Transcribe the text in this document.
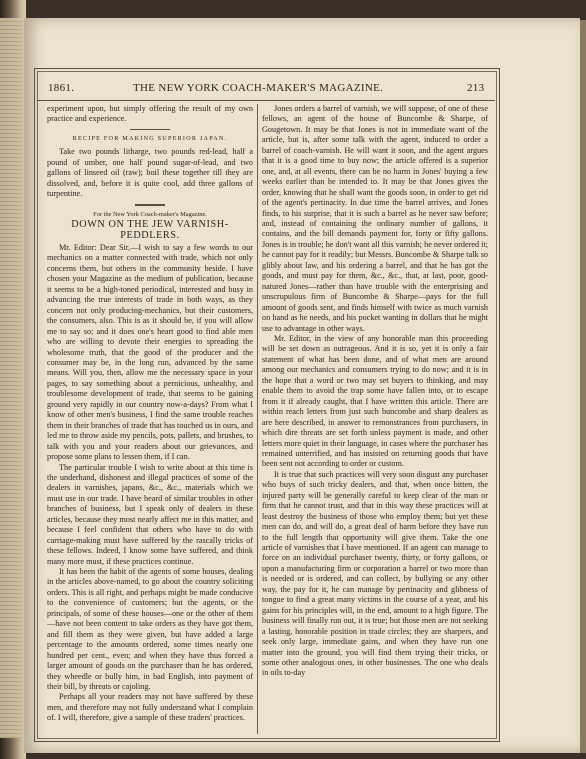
1861.	THE NEW YORK COACH-MAKER'S MAGAZINE.	213

experiment upon, but simply offering the result of my own practice and experience.

RECIPE FOR MAKING SUPERIOR JAPAN.

Take two pounds litharge, two pounds red-lead, half a pound of umber, one half pound sugar-of-lead, and two gallons of linseed oil (raw); boil these together till they are dissolved, and, before it is quite cool, add three gallons of turpentine.

For the New York Coach-maker's Magazine.

DOWN ON THE JEW VARNISH-PEDDLERS.

Mr. Editor: Dear Sir,—I wish to say a few words to our mechanics on a matter connected with trade, which not only concerns them, but others in the community beside. I have chosen your Magazine as the medium of publication, because it seems to be a high-toned periodical, interested and busy in advancing the true interests of trade in both ways, as they concern not only producing-mechanics, but their customers, the consumers, also. This is as it should be, if you will allow me to say so; and it does one's heart good to find able men who are willing to devote their energies to spreading the wholesome truth, that the good of the producer and the consumer may be, in the long run, advanced by the same means. Will you, then, allow me the necessary space in your pages, to say something about a pernicious, unhealthy, and troublesome development of trade, that seems to be gaining ground very rapidly in our country now-a-days? From what I know of other men's business, I find the same trouble reaches them in their branches of trade that has touched us in ours, and led me to throw aside my pencils, pots, pallets, and brushes, to talk with you and your readers about our grievances, and propose some plans to lessen them, if I can.

The particular trouble I wish to write about at this time is the underhand, dishonest and illegal practices of some of the dealers in varnishes, japans, &c., &c., materials which we must use in our trade. I have heard of similar troubles in other branches of business, but I speak only of dealers in these articles, because they most nearly affect me in this matter, and because I feel confident that others who have to do with carriage-making must have suffered by the rascally tricks of these fellows. Indeed, I know some have suffered, and think many more must, if these practices continue.

It has been the habit of the agents of some houses, dealing in the articles above-named, to go about the country soliciting orders. This is all right, and perhaps might be made conducive to the convenience of customers; but the agents, or the principals, of some of these houses—one or the other of them—have not been content to take orders as they have got them, and fill them as they were given, but have added a large percentage to the amounts ordered, some times nearly one hundred per cent., even; and when they have thus forced a larger amount of goods on the purchaser than he has ordered, they wheedle or bully him, in bad English, into payment of their bill, by threats or cajoling.

Perhaps all your readers may not have suffered by these men, and therefore may not fully understand what I complain of. I will, therefore, give a sample of these traders' practices.

Jones orders a barrel of varnish, we will suppose, of one of these fellows, an agent of the house of Buncombe & Sharpe, of Gougetown. It may be that Jones is not in immediate want of the article, but is, after some talk with the agent, induced to order a barrel of coach-varnish. He will want it soon, and the agent argues that it is a good time to buy now; the article offered is a superior one, and, at all events, there can be no harm in Jones' buying a few weeks earlier than he intended to. It may be that Jones gives the order, knowing that he shall want the goods soon, in order to get rid of the agent's pertinacity. In due time the barrel arrives, and Jones finds, to his surprise, that it is such a barrel as he never saw before; and, instead of containing the ordinary number of gallons, it contains, and the bill demands payment for, forty or fifty gallons. Jones is in trouble; he don't want all this varnish; he never ordered it; he cannot pay for it readily; but Messrs. Buncombe & Sharpe talk so glibly about law, and his ordering a barrel, and that he has got the goods, and must pay for them, &c., &c., that, at last, poor, good-natured Jones—rather than have trouble with the enterprising and unscrupulous firm of Buncombe & Sharpe—pays for the full amount of goods sent, and finds himself with twice as much varnish on hand as he needs, and his pocket wanting in dollars that he might use to advantage in other ways.

Mr. Editor, in the view of any honorable man this proceeding will be set down as outrageous. And it is so, yet it is only a fair statement of what has been done, and of what men are around among our mechanics and consumers trying to do now; and it is in the hope that a word or two may set buyers to thinking, and may enable them to avoid the trap some have fallen into, or to escape from it if already caught, that I have written this article. There are within reach letters from just such buncombe and sharp dealers as are here described, in answer to remonstrances from purchasers, in which dire threats are set forth unless payment is made, and other letters more quiet in their language, in cases where the purchaser has remained unterrified, and has insisted on returning goods that have been sent not according to order or custom.

It is true that such practices will very soon disgust any purchaser who buys of such tricky dealers, and that, when once bitten, the injured party will be generally careful to keep clear of the man or firm that he cannot trust, and that in this way these practices will at least destroy the business of those who employ them; but yet these men can do, and will do, a great deal of harm before they have run to the full length that opportunity will give them. Take the one article of varnishes that I have mentioned. If an agent can manage to force on an individual purchaser twenty, thirty, or forty gallons, or upon a manufacturing firm or corporation a barrel or two more than is needed or is ordered, and can collect, by bullying or any other way, the pay for it, he can manage by pertinacity and glibness of tongue to find a great many victims in the course of a year, and his gains for his principles will, in the end, amount to a high figure. The business will finally run out, it is true; but those men are not seeking a lasting, honorable position in trade circles; they are sharpers, and seek only large, immediate gains, and when they have run one matter into the ground, you will find them trying their tricks, or some other analogous ones, in other businesses. The one who deals in oils to-day
